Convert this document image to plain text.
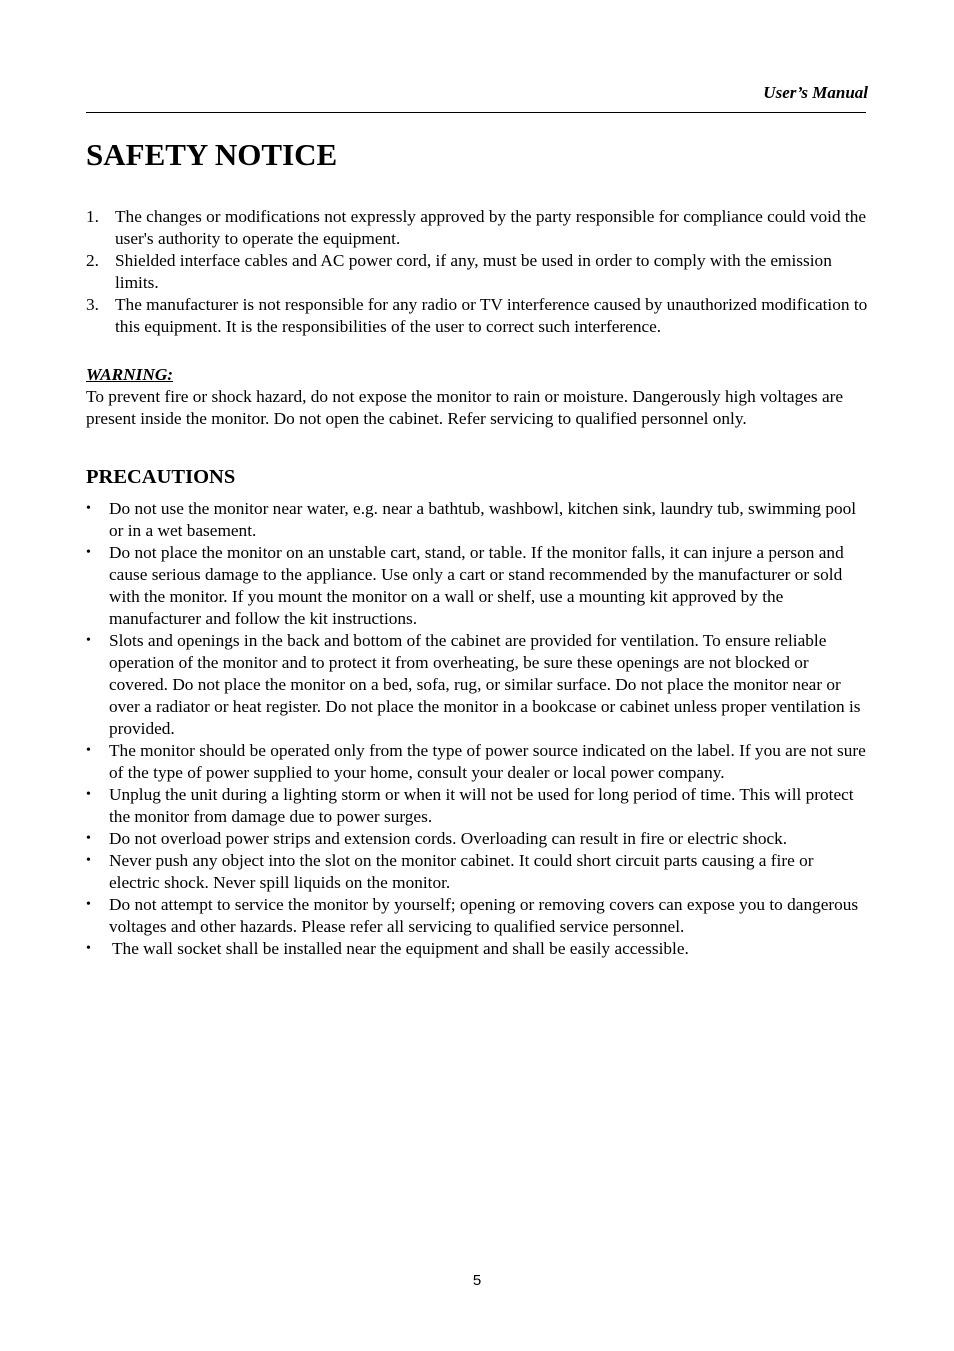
User’s Manual
SAFETY NOTICE
1. The changes or modifications not expressly approved by the party responsible for compliance could void the user's authority to operate the equipment.
2. Shielded interface cables and AC power cord, if any, must be used in order to comply with the emission limits.
3. The manufacturer is not responsible for any radio or TV interference caused by unauthorized modification to this equipment. It is the responsibilities of the user to correct such interference.
WARNING:
To prevent fire or shock hazard, do not expose the monitor to rain or moisture. Dangerously high voltages are present inside the monitor. Do not open the cabinet. Refer servicing to qualified personnel only.
PRECAUTIONS
• Do not use the monitor near water, e.g. near a bathtub, washbowl, kitchen sink, laundry tub, swimming pool or in a wet basement.
• Do not place the monitor on an unstable cart, stand, or table. If the monitor falls, it can injure a person and cause serious damage to the appliance. Use only a cart or stand recommended by the manufacturer or sold with the monitor. If you mount the monitor on a wall or shelf, use a mounting kit approved by the manufacturer and follow the kit instructions.
• Slots and openings in the back and bottom of the cabinet are provided for ventilation. To ensure reliable operation of the monitor and to protect it from overheating, be sure these openings are not blocked or covered. Do not place the monitor on a bed, sofa, rug, or similar surface. Do not place the monitor near or over a radiator or heat register. Do not place the monitor in a bookcase or cabinet unless proper ventilation is provided.
• The monitor should be operated only from the type of power source indicated on the label. If you are not sure of the type of power supplied to your home, consult your dealer or local power company.
• Unplug the unit during a lighting storm or when it will not be used for long period of time. This will protect the monitor from damage due to power surges.
• Do not overload power strips and extension cords. Overloading can result in fire or electric shock.
• Never push any object into the slot on the monitor cabinet. It could short circuit parts causing a fire or electric shock. Never spill liquids on the monitor.
• Do not attempt to service the monitor by yourself; opening or removing covers can expose you to dangerous voltages and other hazards. Please refer all servicing to qualified service personnel.
• The wall socket shall be installed near the equipment and shall be easily accessible.
5
